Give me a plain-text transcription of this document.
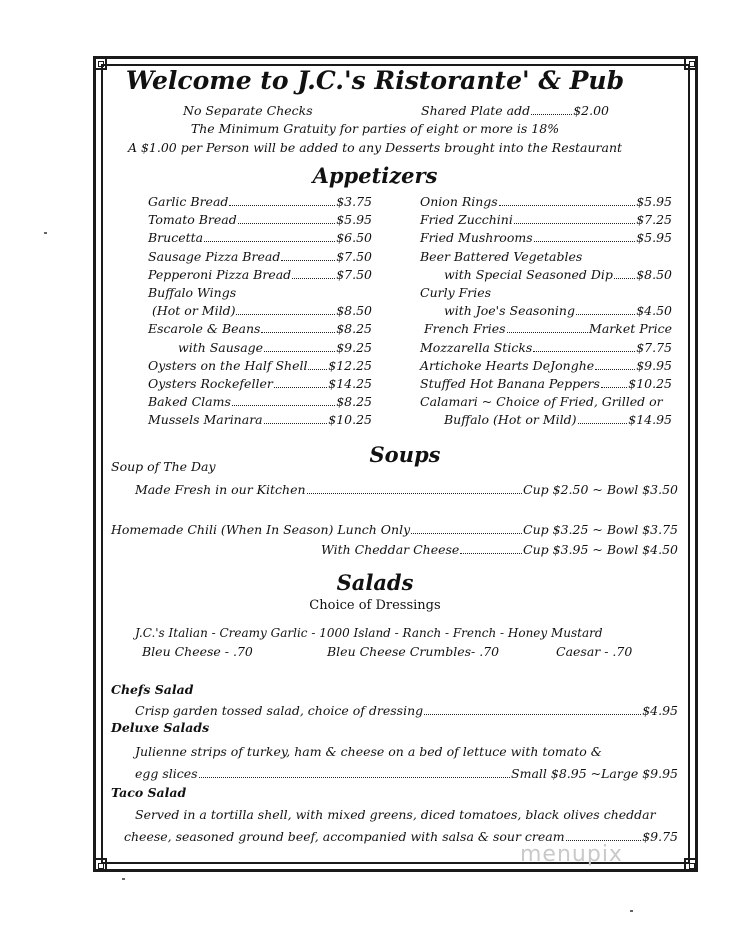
Welcome to J.C.'s Ristorante' & Pub
No Separate Checks	Shared Plate add	$2.00
The Minimum Gratuity for parties of eight or more is 18%
A $1.00 per Person will be added to any Desserts brought into the Restaurant
Appetizers
Garlic Bread	$3.75
Tomato Bread	$5.95
Brucetta	$6.50
Sausage Pizza Bread	$7.50
Pepperoni Pizza Bread	$7.50
Buffalo Wings
(Hot or Mild)	$8.50
Escarole & Beans	$8.25
with Sausage	$9.25
Oysters on the Half Shell $12.25
Oysters Rockefeller	$14.25
Baked Clams	$8.25
Mussels Marinara	$10.25
Onion Rings	$5.95
Fried Zucchini	$7.25
Fried Mushrooms	$5.95
Beer Battered Vegetables
with Special Seasoned Dip $8.50
Curly Fries
with Joe's Seasoning	$4.50
French Fries	Market Price
Mozzarella Sticks	$7.75
Artichoke Hearts DeJonghe	$9.95
Stuffed Hot Banana Peppers $10.25
Calamari ~ Choice of Fried, Grilled or
Buffalo (Hot or Mild)	$14.95
Soups
Soup of The Day
Made Fresh in our Kitchen	Cup $2.50 ~ Bowl $3.50
Homemade Chili (When In Season) Lunch Only	Cup $3.25 ~ Bowl $3.75
With Cheddar Cheese	Cup $3.95 ~ Bowl $4.50
Salads
Choice of Dressings
J.C.'s Italian - Creamy Garlic - 1000 Island - Ranch - French - Honey Mustard
Bleu Cheese - .70	Bleu Cheese Crumbles- .70	Caesar - .70
Chefs Salad
Crisp garden tossed salad, choice of dressing	$4.95
Deluxe Salads
Julienne strips of turkey, ham & cheese on a bed of lettuce with tomato &
egg slices	Small $8.95 ~Large $9.95
Taco Salad
Served in a tortilla shell, with mixed greens, diced tomatoes, black olives cheddar
cheese, seasoned ground beef, accompanied with salsa & sour cream	$9.75
menupix
